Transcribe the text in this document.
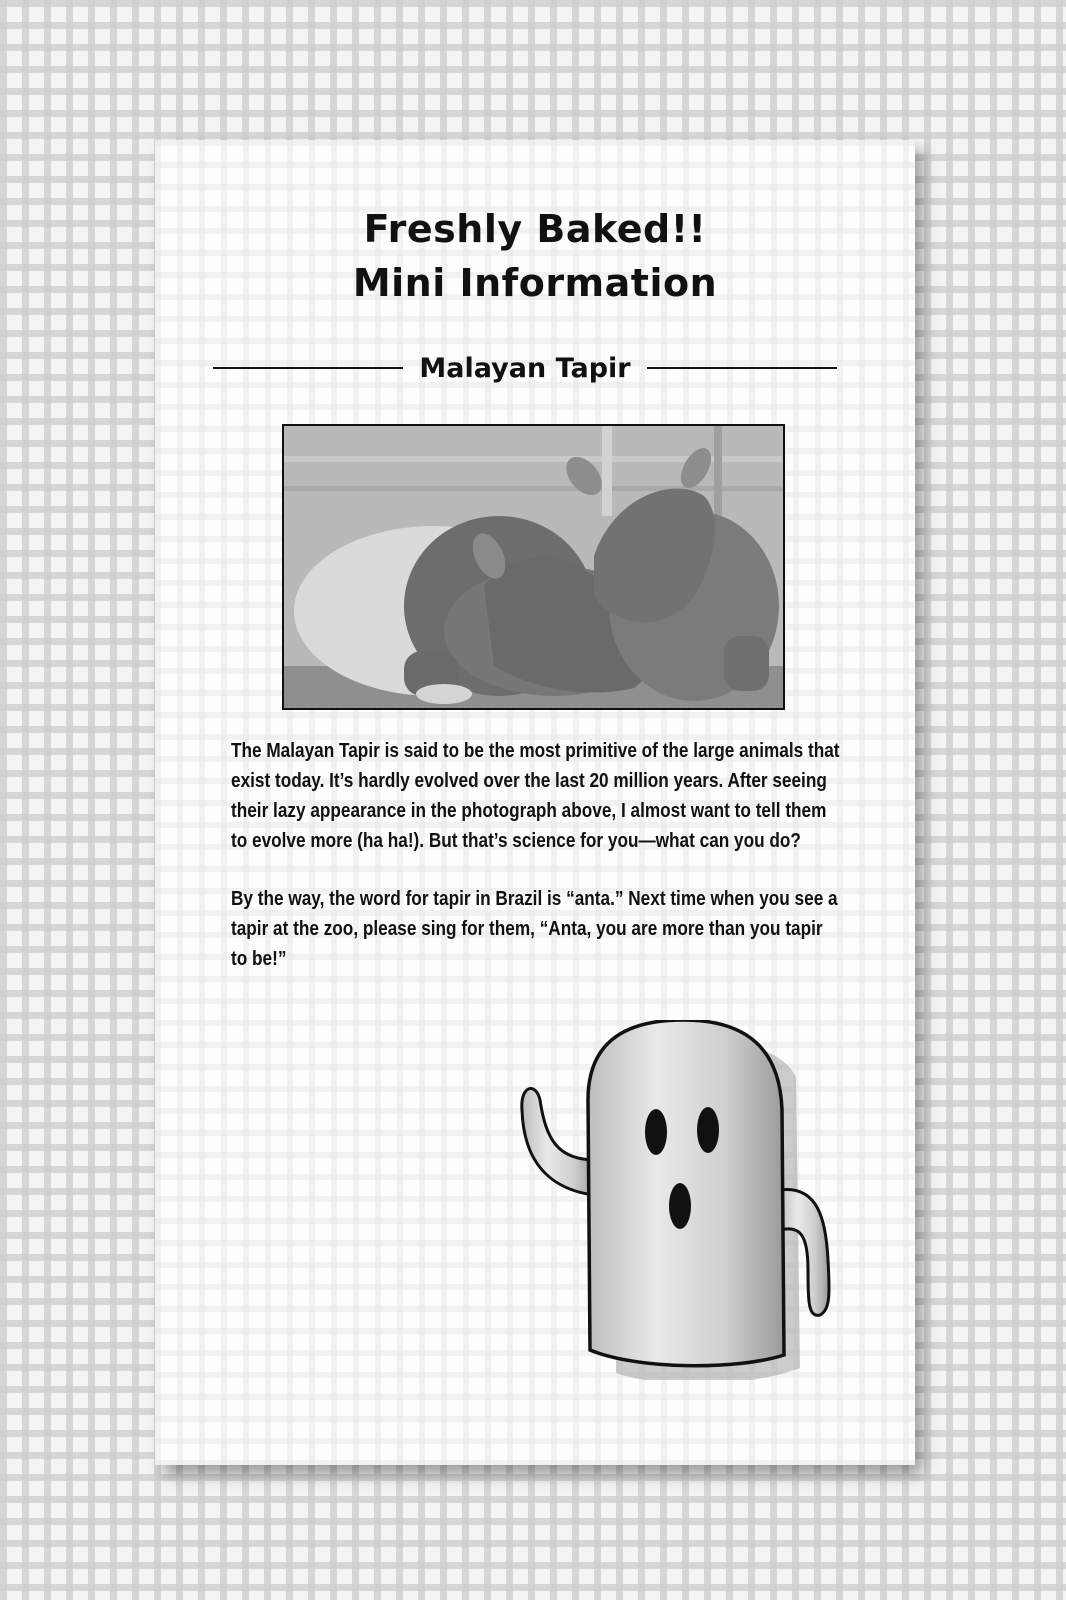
Freshly Baked!!
Mini Information
Malayan Tapir

The Malayan Tapir is said to be the most primitive of the large animals that exist today. It’s hardly evolved over the last 20 million years. After seeing their lazy appearance in the photograph above, I almost want to tell them to evolve more (ha ha!). But that’s science for you—what can you do?

By the way, the word for tapir in Brazil is “anta.” Next time when you see a tapir at the zoo, please sing for them, “Anta, you are more than you tapir to be!”
